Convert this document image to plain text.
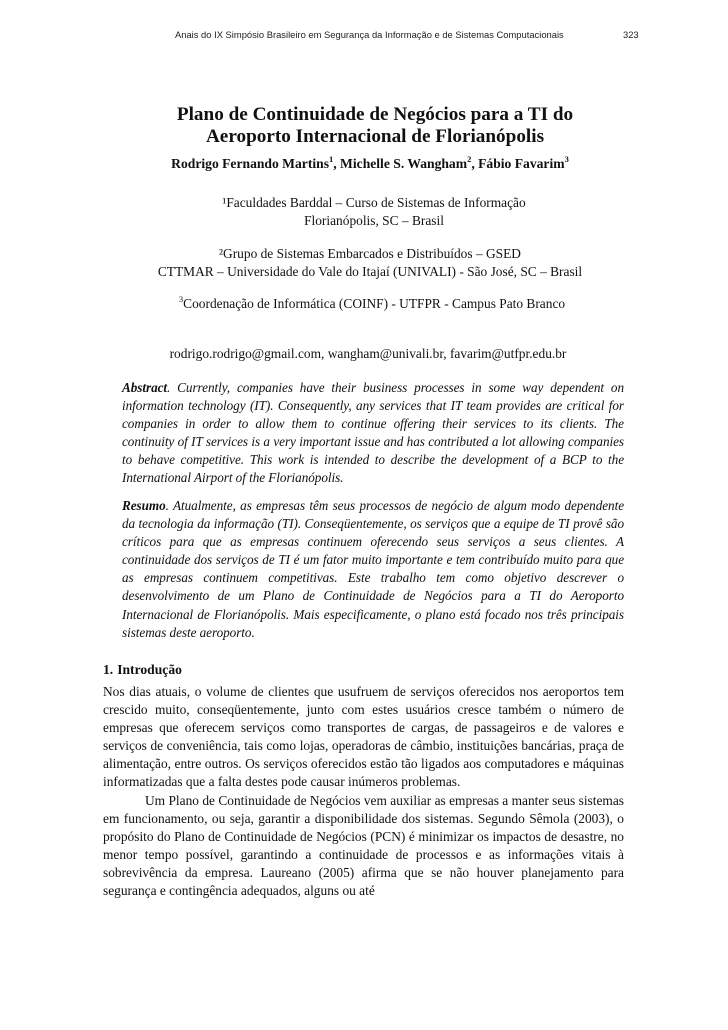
Anais do IX Simpósio Brasileiro em Segurança da Informação e de Sistemas Computacionais	323
Plano de Continuidade de Negócios para a TI do

Aeroporto Internacional de Florianópolis
Rodrigo Fernando Martins$^1$, Michelle S. Wangham$^2$, Fábio Favarim$^3$
¹Faculdades Barddal – Curso de Sistemas de Informação
Florianópolis, SC – Brasil
²Grupo de Sistemas Embarcados e Distribuídos – GSED
CTTMAR – Universidade do Vale do Itajaí (UNIVALI) - São José, SC – Brasil
$^3$Coordenação de Informática (COINF) - UTFPR - Campus Pato Branco
rodrigo.rodrigo@gmail.com, wangham@univali.br, favarim@utfpr.edu.br
Abstract. Currently, companies have their business processes in some way dependent on information technology (IT). Consequently, any services that IT team provides are critical for companies in order to allow them to continue offering their services to its clients. The continuity of IT services is a very important issue and has contributed a lot allowing companies to behave competitive. This work is intended to describe the development of a BCP to the International Airport of the Florianópolis.
Resumo. Atualmente, as empresas têm seus processos de negócio de algum modo dependente da tecnologia da informação (TI). Conseqüentemente, os serviços que a equipe de TI provê são críticos para que as empresas continuem oferecendo seus serviços a seus clientes. A continuidade dos serviços de TI é um fator muito importante e tem contribuído muito para que as empresas continuem competitivas. Este trabalho tem como objetivo descrever o desenvolvimento de um Plano de Continuidade de Negócios para a TI do Aeroporto Internacional de Florianópolis. Mais especificamente, o plano está focado nos três principais sistemas deste aeroporto.
1. Introdução

Nos dias atuais, o volume de clientes que usufruem de serviços oferecidos nos aeroportos tem crescido muito, conseqüentemente, junto com estes usuários cresce também o número de empresas que oferecem serviços como transportes de cargas, de passageiros e de valores e serviços de conveniência, tais como lojas, operadoras de câmbio, instituições bancárias, praça de alimentação, entre outros. Os serviços oferecidos estão tão ligados aos computadores e máquinas informatizadas que a falta destes pode causar inúmeros problemas.

Um Plano de Continuidade de Negócios vem auxiliar as empresas a manter seus sistemas em funcionamento, ou seja, garantir a disponibilidade dos sistemas. Segundo Sêmola (2003), o propósito do Plano de Continuidade de Negócios (PCN) é minimizar os impactos de desastre, no menor tempo possível, garantindo a continuidade de processos e as informações vitais à sobrevivência da empresa. Laureano (2005) afirma que se não houver planejamento para segurança e contingência adequados, alguns ou até
